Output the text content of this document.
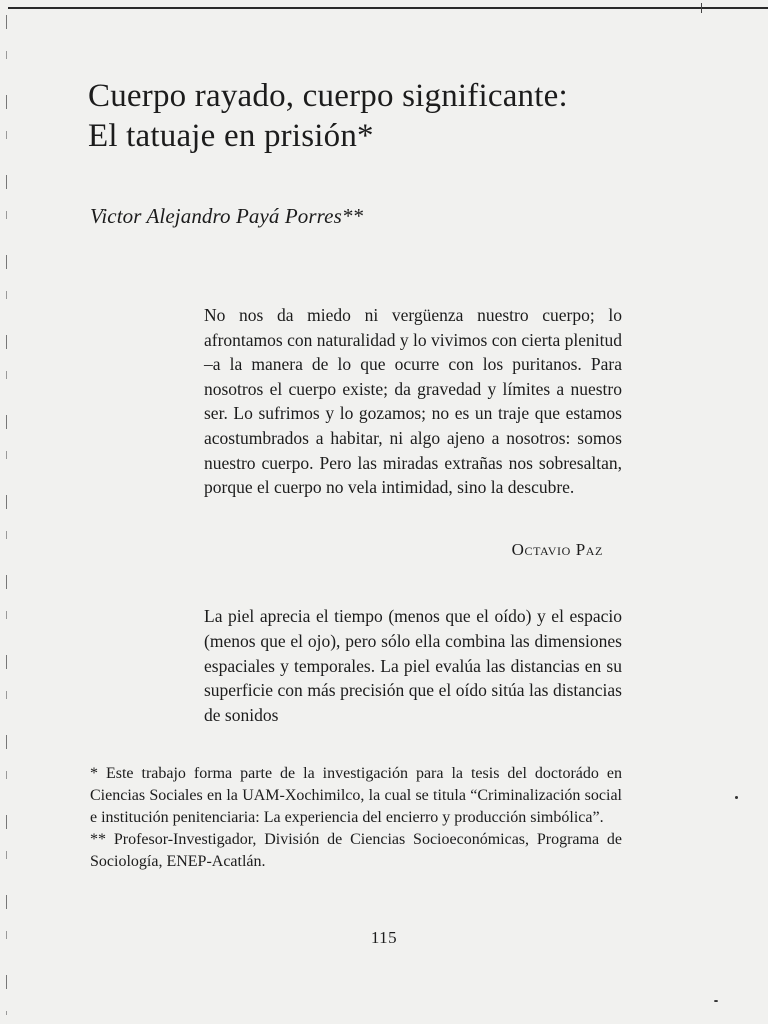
Cuerpo rayado, cuerpo significante:
El tatuaje en prisión*
Victor Alejandro Payá Porres**

No nos da miedo ni vergüenza nuestro cuerpo; lo afrontamos con naturalidad y lo vivimos con cierta plenitud –a la manera de lo que ocurre con los puritanos. Para nosotros el cuerpo existe; da gravedad y límites a nuestro ser. Lo sufrimos y lo gozamos; no es un traje que estamos acostumbrados a habitar, ni algo ajeno a nosotros: somos nuestro cuerpo. Pero las miradas extrañas nos sobresaltan, porque el cuerpo no vela intimidad, sino la descubre.

Octavio Paz

La piel aprecia el tiempo (menos que el oído) y el espacio (menos que el ojo), pero sólo ella combina las dimensiones espaciales y temporales. La piel evalúa las distancias en su superficie con más precisión que el oído sitúa las distancias de sonidos

* Este trabajo forma parte de la investigación para la tesis del doctorádo en Ciencias Sociales en la UAM-Xochimilco, la cual se titula “Criminalización social e institución penitenciaria: La experiencia del encierro y producción simbólica”.

** Profesor-Investigador, División de Ciencias Socioeconómicas, Programa de Sociología, ENEP-Acatlán.

115
